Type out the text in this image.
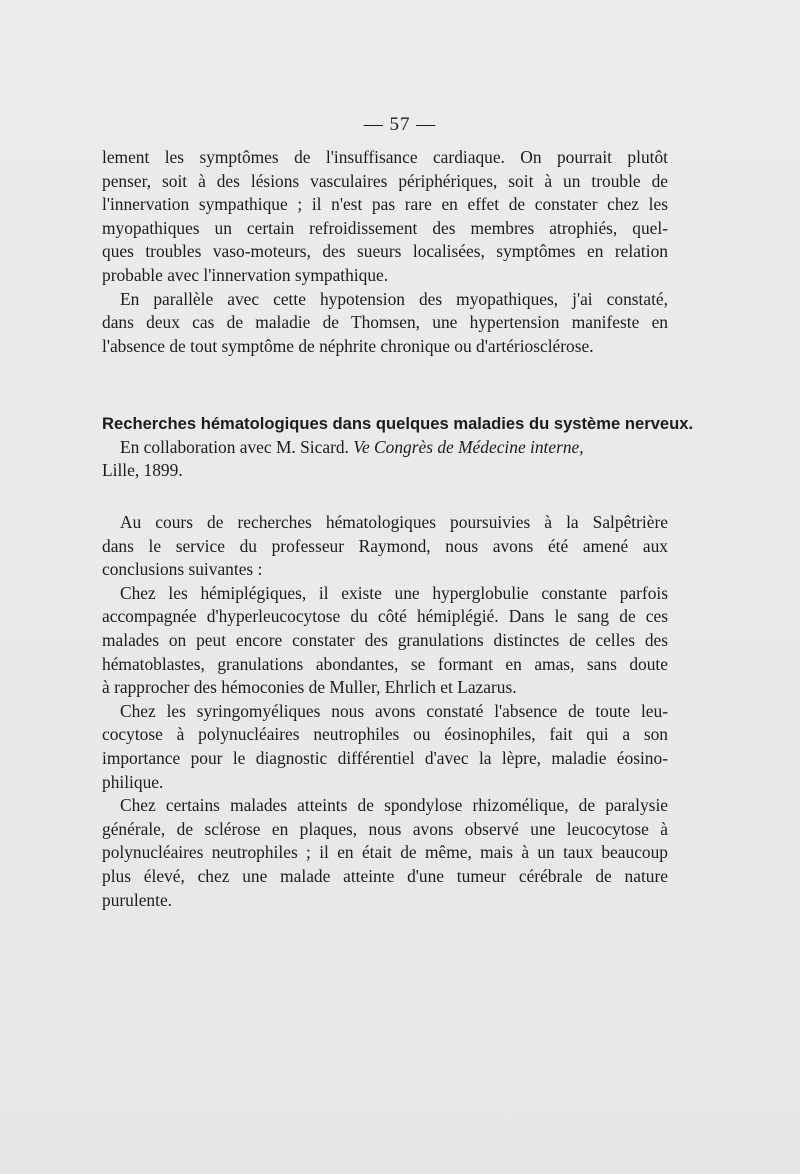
— 57 —
lement les symptômes de l'insuffisance cardiaque. On pourrait plutôt
penser, soit à des lésions vasculaires périphériques, soit à un trouble de
l'innervation sympathique ; il n'est pas rare en effet de constater chez les
myopathiques un certain refroidissement des membres atrophiés, quel-
ques troubles vaso-moteurs, des sueurs localisées, symptômes en relation
probable avec l'innervation sympathique.
En parallèle avec cette hypotension des myopathiques, j'ai constaté,
dans deux cas de maladie de Thomsen, une hypertension manifeste en
l'absence de tout symptôme de néphrite chronique ou d'artériosclérose.
Recherches hématologiques dans quelques maladies du système nerveux.
En collaboration avec M. Sicard. Ve Congrès de Médecine interne,
Lille, 1899.
Au cours de recherches hématologiques poursuivies à la Salpêtrière
dans le service du professeur Raymond, nous avons été amené aux
conclusions suivantes :
Chez les hémiplégiques, il existe une hyperglobulie constante parfois
accompagnée d'hyperleucocytose du côté hémiplégié. Dans le sang de ces
malades on peut encore constater des granulations distinctes de celles des
hématoblastes, granulations abondantes, se formant en amas, sans doute
à rapprocher des hémoconies de Muller, Ehrlich et Lazarus.
Chez les syringomyéliques nous avons constaté l'absence de toute leu-
cocytose à polynucléaires neutrophiles ou éosinophiles, fait qui a son
importance pour le diagnostic différentiel d'avec la lèpre, maladie éosino-
philique.
Chez certains malades atteints de spondylose rhizomélique, de paralysie
générale, de sclérose en plaques, nous avons observé une leucocytose à
polynucléaires neutrophiles ; il en était de même, mais à un taux beaucoup
plus élevé, chez une malade atteinte d'une tumeur cérébrale de nature
purulente.
